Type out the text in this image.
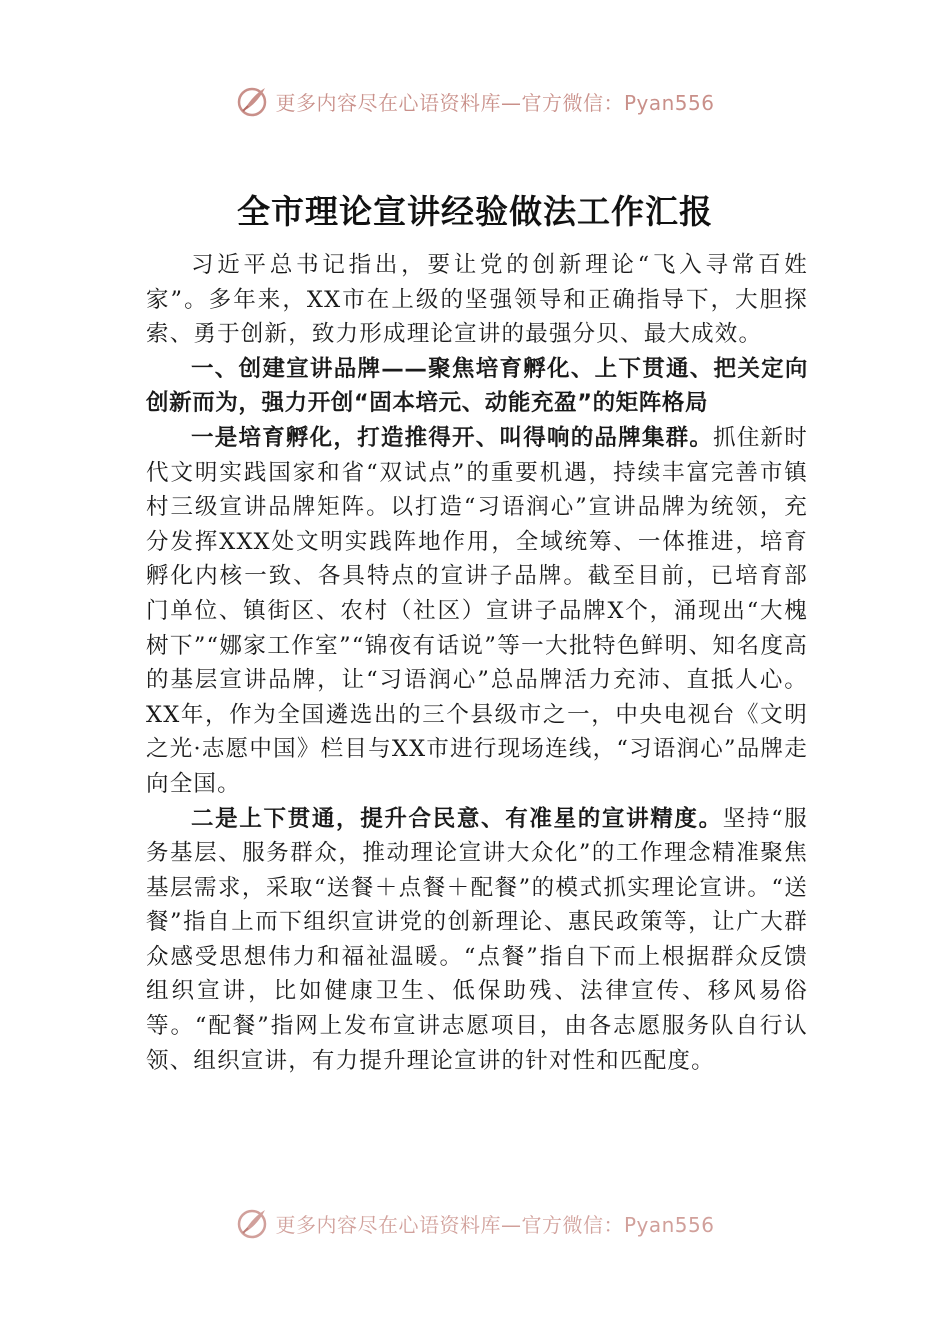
更多内容尽在心语资料库—官方微信：Pyan556
全市理论宣讲经验做法工作汇报

习近平总书记指出，要让党的创新理论“飞入寻常百姓家”。多年来，XX市在上级的坚强领导和正确指导下，大胆探索、勇于创新，致力形成理论宣讲的最强分贝、最大成效。

一、创建宣讲品牌——聚焦培育孵化、上下贯通、把关定向创新而为，强力开创“固本培元、动能充盈”的矩阵格局

一是培育孵化，打造推得开、叫得响的品牌集群。抓住新时代文明实践国家和省“双试点”的重要机遇，持续丰富完善市镇村三级宣讲品牌矩阵。以打造“习语润心”宣讲品牌为统领，充分发挥XXX处文明实践阵地作用，全域统筹、一体推进，培育孵化内核一致、各具特点的宣讲子品牌。截至目前，已培育部门单位、镇街区、农村（社区）宣讲子品牌X个，涌现出“大槐树下”“娜家工作室”“锦夜有话说”等一大批特色鲜明、知名度高的基层宣讲品牌，让“习语润心”总品牌活力充沛、直抵人心。XX年，作为全国遴选出的三个县级市之一，中央电视台《文明之光·志愿中国》栏目与XX市进行现场连线，“习语润心”品牌走向全国。

二是上下贯通，提升合民意、有准星的宣讲精度。坚持“服务基层、服务群众，推动理论宣讲大众化”的工作理念精准聚焦基层需求，采取“送餐＋点餐＋配餐”的模式抓实理论宣讲。“送餐”指自上而下组织宣讲党的创新理论、惠民政策等，让广大群众感受思想伟力和福祉温暖。“点餐”指自下而上根据群众反馈组织宣讲，比如健康卫生、低保助残、法律宣传、移风易俗等。“配餐”指网上发布宣讲志愿项目，由各志愿服务队自行认领、组织宣讲，有力提升理论宣讲的针对性和匹配度。

更多内容尽在心语资料库—官方微信：Pyan556
